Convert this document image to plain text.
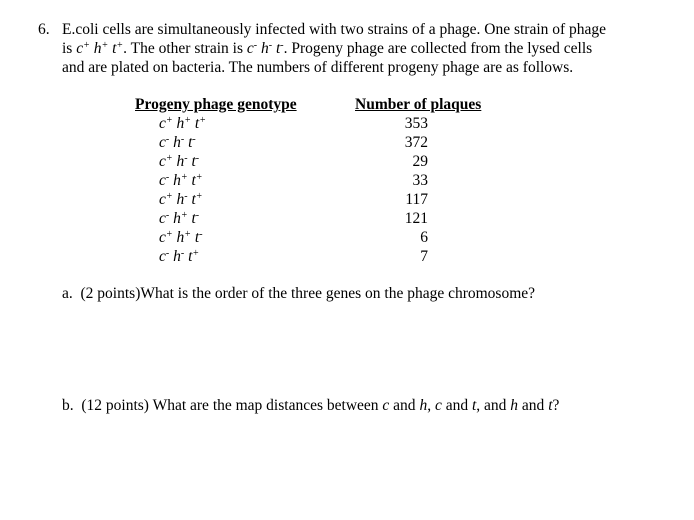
6. E.coli cells are simultaneously infected with two strains of a phage. One strain of phage
is c+ h+ t+. The other strain is c- h- t-. Progeny phage are collected from the lysed cells
and are plated on bacteria. The numbers of different progeny phage are as follows.
Progeny phage genotype	Number of plaques
c+ h+ t+	353
c- h- t-	372
c+ h- t-	29
c- h+ t+	33
c+ h- t+	117
c- h+ t-	121
c+ h+ t-	6
c- h- t+	7
a. (2 points)What is the order of the three genes on the phage chromosome?
b. (12 points) What are the map distances between c and h, c and t, and h and t?
